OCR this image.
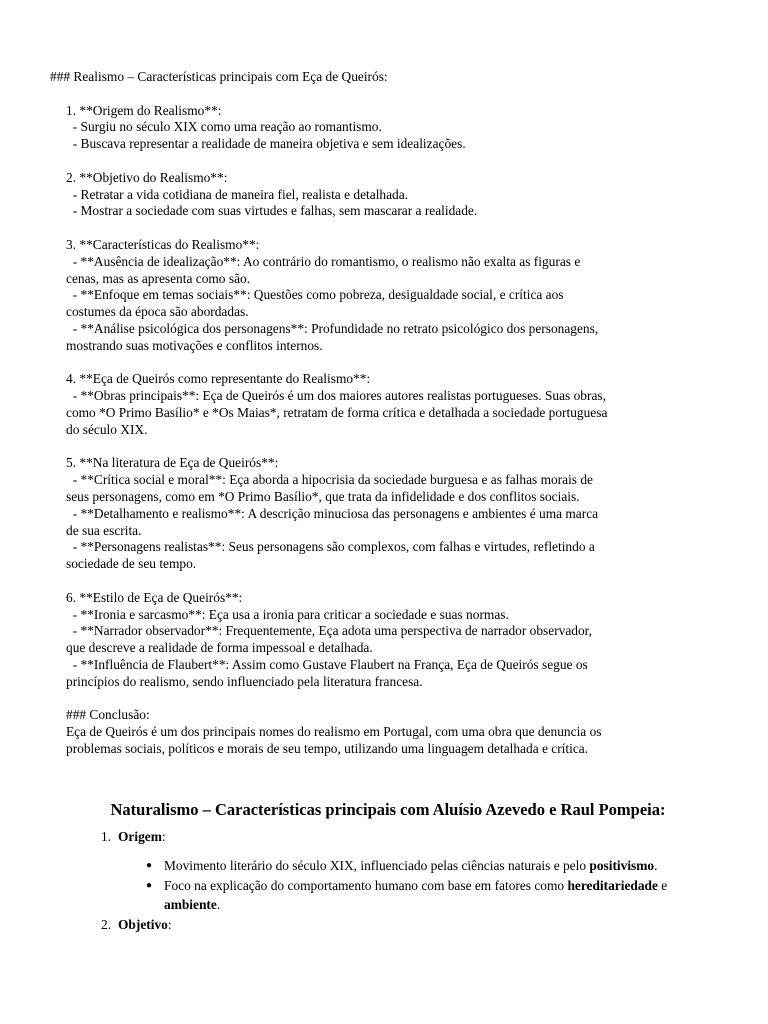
### Realismo – Características principais com Eça de Queirós:
1. **Origem do Realismo**:
- Surgiu no século XIX como uma reação ao romantismo.
- Buscava representar a realidade de maneira objetiva e sem idealizações.
2. **Objetivo do Realismo**:
- Retratar a vida cotidiana de maneira fiel, realista e detalhada.
- Mostrar a sociedade com suas virtudes e falhas, sem mascarar a realidade.
3. **Características do Realismo**:
- **Ausência de idealização**: Ao contrário do romantismo, o realismo não exalta as figuras e
cenas, mas as apresenta como são.
- **Enfoque em temas sociais**: Questões como pobreza, desigualdade social, e crítica aos
costumes da época são abordadas.
- **Análise psicológica dos personagens**: Profundidade no retrato psicológico dos personagens,
mostrando suas motivações e conflitos internos.
4. **Eça de Queirós como representante do Realismo**:
- **Obras principais**: Eça de Queirós é um dos maiores autores realistas portugueses. Suas obras,
como *O Primo Basílio* e *Os Maias*, retratam de forma crítica e detalhada a sociedade portuguesa
do século XIX.
5. **Na literatura de Eça de Queirós**:
- **Crítica social e moral**: Eça aborda a hipocrisia da sociedade burguesa e as falhas morais de
seus personagens, como em *O Primo Basílio*, que trata da infidelidade e dos conflitos sociais.
- **Detalhamento e realismo**: A descrição minuciosa das personagens e ambientes é uma marca
de sua escrita.
- **Personagens realistas**: Seus personagens são complexos, com falhas e virtudes, refletindo a
sociedade de seu tempo.
6. **Estilo de Eça de Queirós**:
- **Ironia e sarcasmo**: Eça usa a ironia para criticar a sociedade e suas normas.
- **Narrador observador**: Frequentemente, Eça adota uma perspectiva de narrador observador,
que descreve a realidade de forma impessoal e detalhada.
- **Influência de Flaubert**: Assim como Gustave Flaubert na França, Eça de Queirós segue os
princípios do realismo, sendo influenciado pela literatura francesa.
### Conclusão:
Eça de Queirós é um dos principais nomes do realismo em Portugal, com uma obra que denuncia os
problemas sociais, políticos e morais de seu tempo, utilizando uma linguagem detalhada e crítica.
Naturalismo – Características principais com Aluísio Azevedo e Raul Pompeia:
1. Origem:
● Movimento literário do século XIX, influenciado pelas ciências naturais e pelo positivismo.
● Foco na explicação do comportamento humano com base em fatores como hereditariedade e ambiente.
2. Objetivo:
